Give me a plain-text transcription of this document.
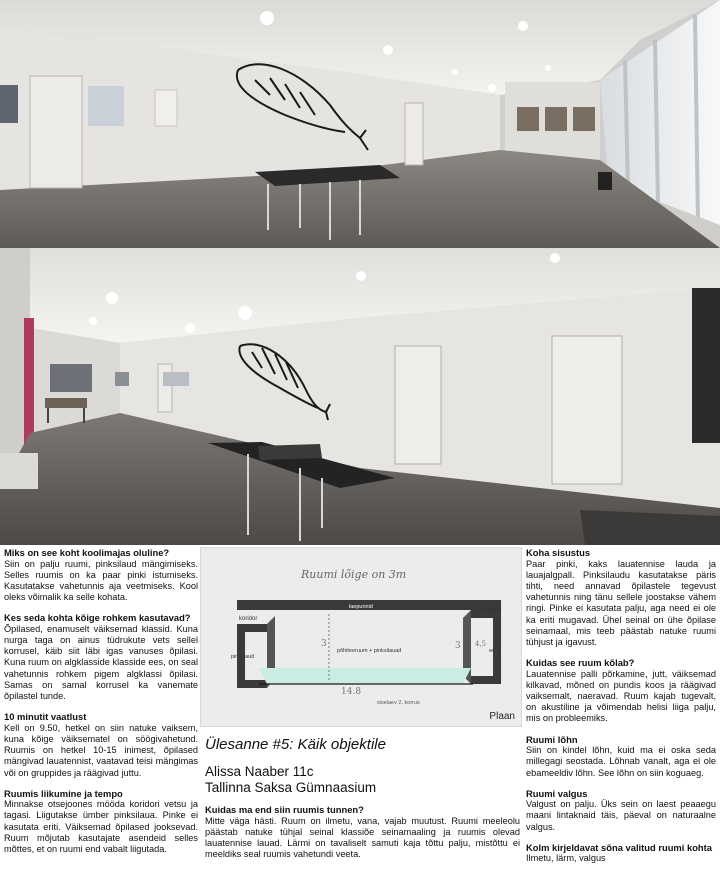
Miks on see koht koolimajas oluline?

Siin on palju ruumi, pinksilaud mängimiseks. Selles ruumis on ka paar pinki istumiseks. Kasutatakse vahetunnis aja veetmiseks. Kool oleks võimalik ka selle kohata.

Kes seda kohta kõige rohkem kasutavad?

Õpilased, enamuselt väiksemad klassid. Kuna nurga taga on ainus tüdrukute vets sellel korrusel, käib siit läbi igas vanuses õpilasi. Kuna ruum on algklasside klasside ees, on seal vahetunnis rohkem pigem algklassi õpilasi. Samas on samal korrusel ka vanemate õpilastel tunde.

10 minutit vaatlust

Kell on 9.50, hetkel on siin natuke vaiksem, kuna kõige väiksematel on söögivahetund. Ruumis on hetkel 10-15 inimest, õpilased mängivad lauatennist, vaatavad teisi mängimas või on gruppides ja räägivad juttu.

Ruumis liikumine ja tempo

Minnakse otsejoones mööda koridori vetsu ja tagasi. Liigutakse ümber pinksilaua. Pinke ei kasutata eriti. Väiksemad õpilased jooksevad. Ruum mõjutab kasutajate asendeid selles mõttes, et on ruumi end vabalt liigutada.

Ruumi lõige on 3m
laepunnid
koridor
koridor
pinkslaud
põhiteeruum + pinksilauad	wc-d
3	3 4,5
14.8
siselaev 2. korrus
Plaan
Ülesanne #5: Käik objektile
Alissa Naaber 11c
Tallinna Saksa Gümnaasium
Kuidas ma end siin ruumis tunnen?

Mitte väga hästi. Ruum on ilmetu, vana, vajab muutust. Ruumi meeleolu päästab natuke tühjal seinal klassiõe seinamaaling ja ruumis olevad lauatennise lauad. Lärmi on tavaliselt samuti kaja tõttu palju, mistõttu ei meeldiks seal ruumis vahetundi veeta.

Koha sisustus

Paar pinki, kaks lauatennise lauda ja lauajalgpall. Pinksilaudu kasutatakse päris tihti, need annavad õpilastele tegevust vahetunnis ning tänu sellele joostakse vähem ringi. Pinke ei kasutata palju, aga need ei ole ka eriti mugavad. Ühel seinal on ühe õpilase seinamaal, mis teeb päästab natuke ruumi tühjust ja igavust.

Kuidas see ruum kõlab?

Lauatennise palli põrkamine, jutt, väiksemad kilkavad, mõned on pundis koos ja räägivad vaiksemalt, naeravad. Ruum kajab tugevalt, on akustiline ja võimendab helisi liiga palju, mis on probleemiks.

Ruumi lõhn

Siin on kindel lõhn, kuid ma ei oska seda millegagi seostada. Lõhnab vanalt, aga ei ole ebameeldiv lõhn. See lõhn on siin koguaeg.

Ruumi valgus

Valgust on palju. Üks sein on laest peaaegu maani lintaknaid täis, päeval on naturaalne valgus.

Kolm kirjeldavat sõna valitud ruumi kohta

Ilmetu, lärm, valgus
